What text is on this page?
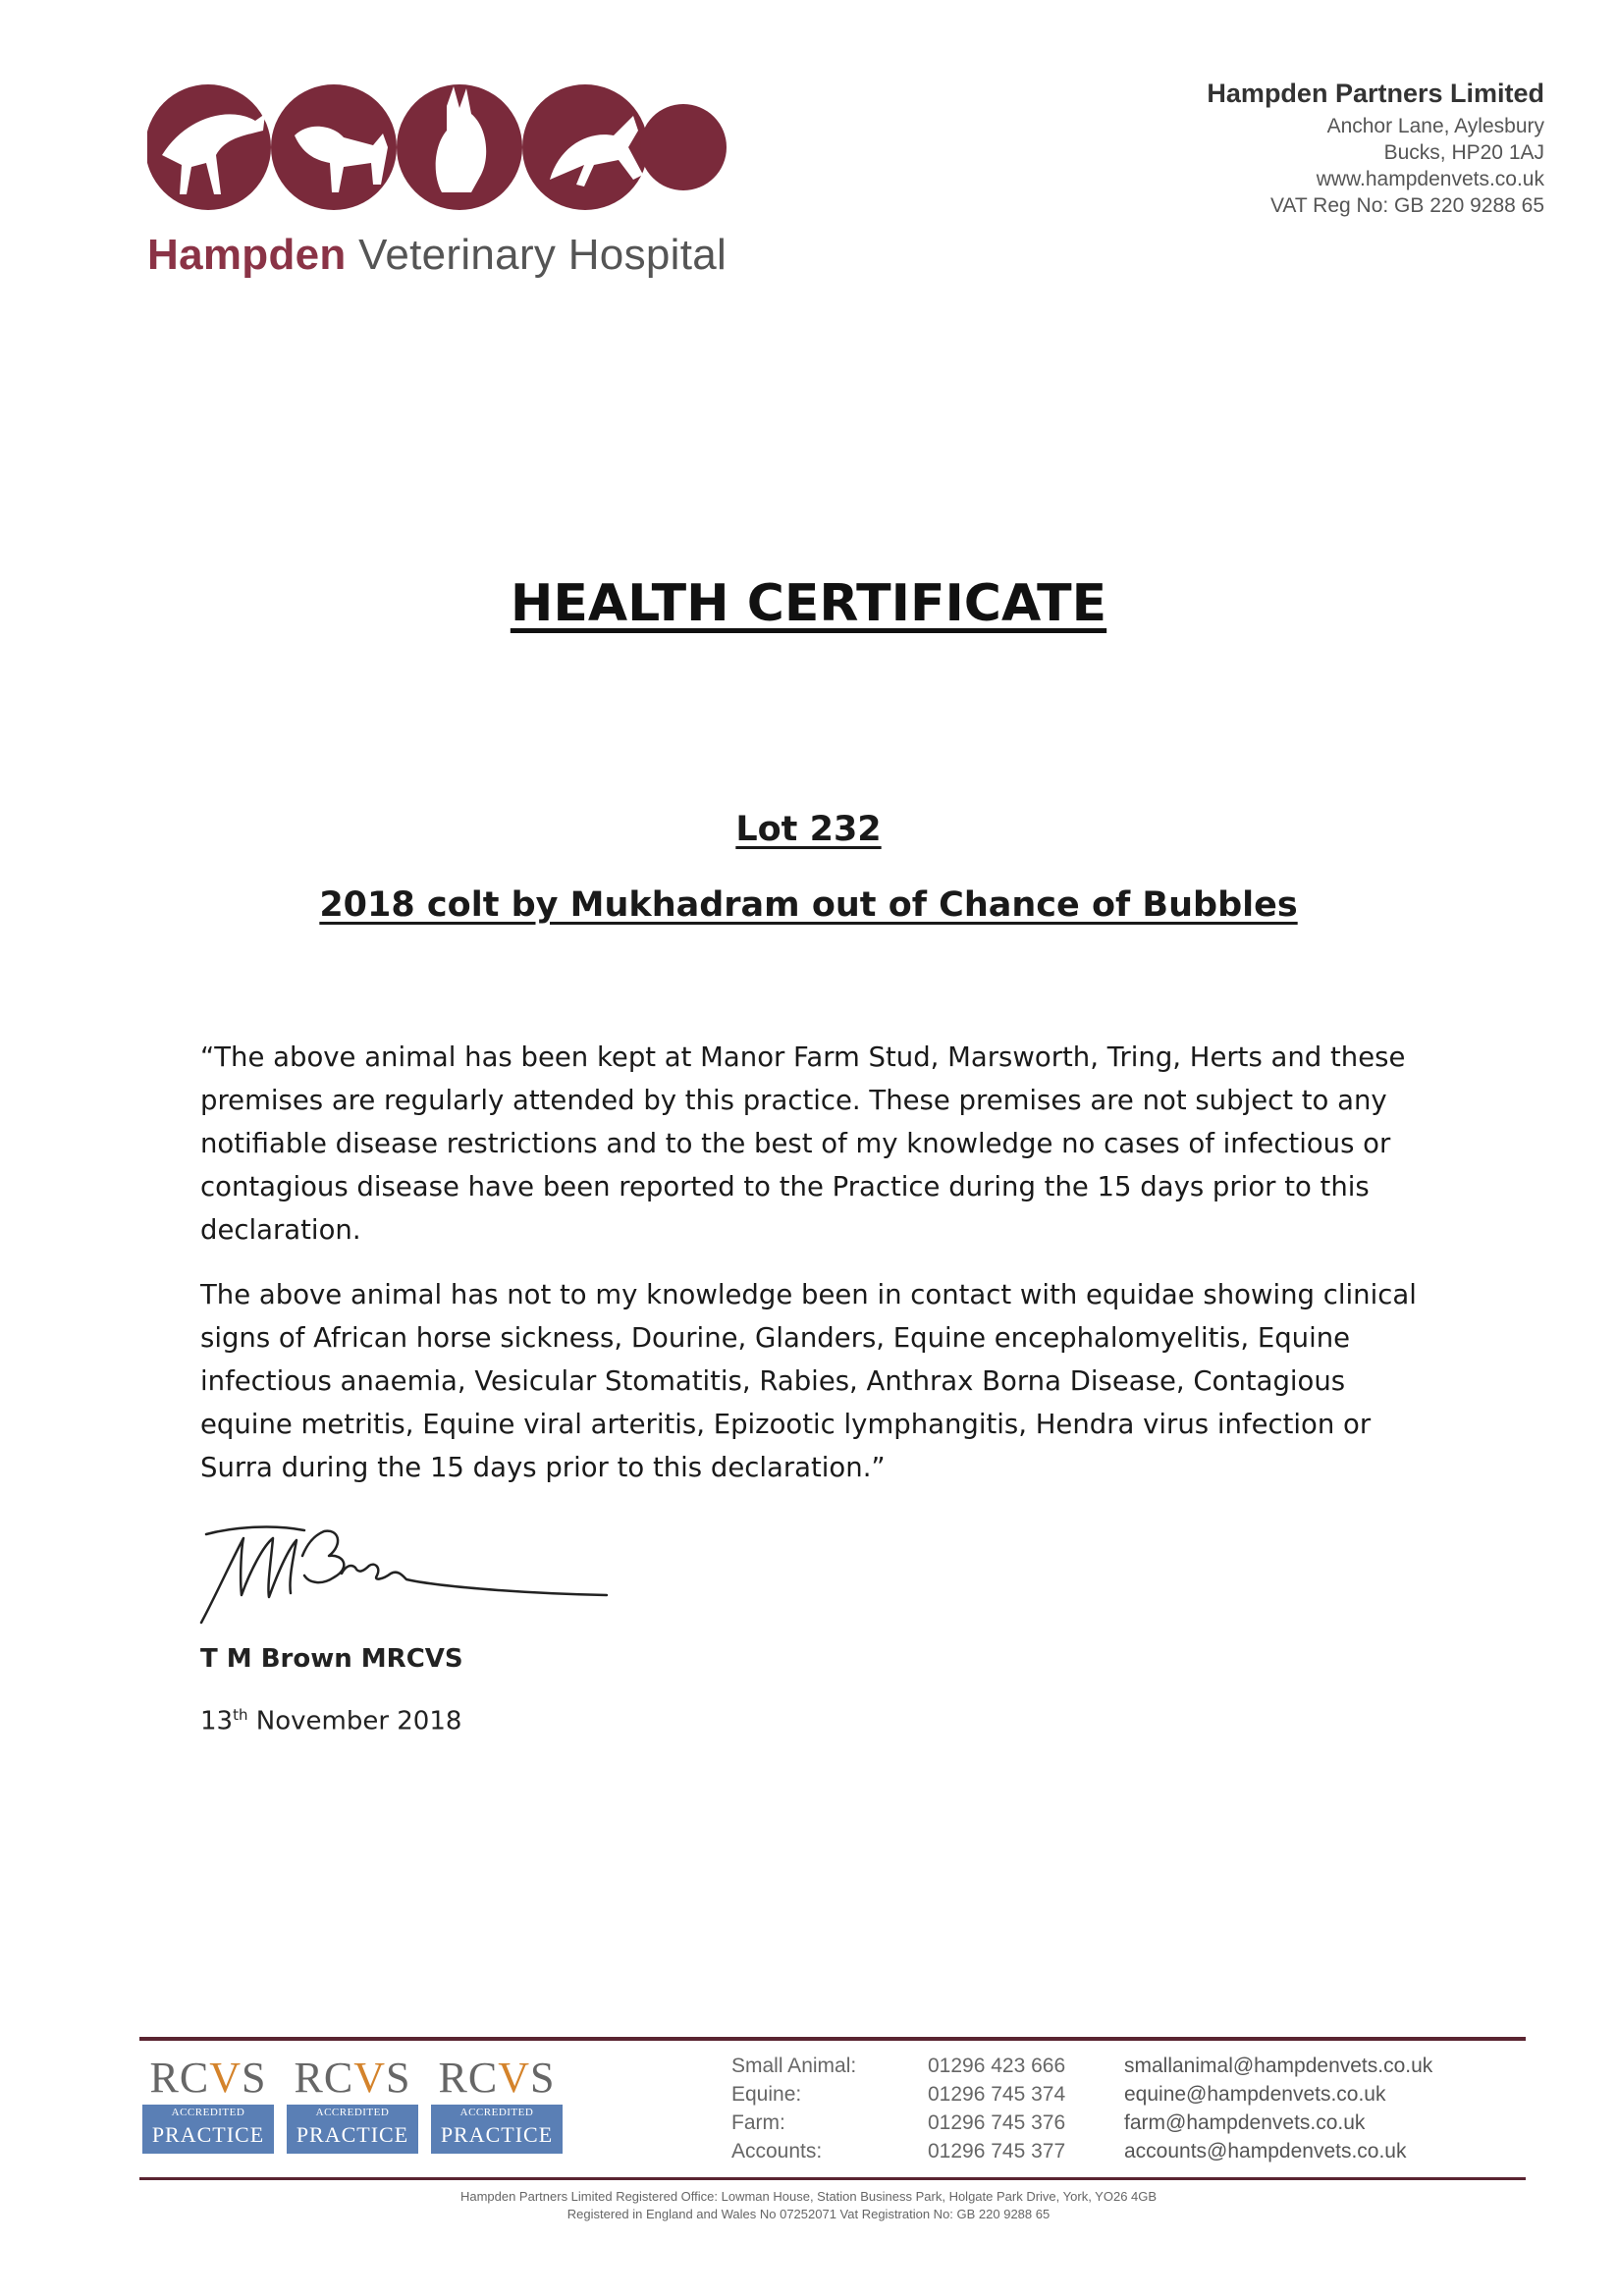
Hampden Veterinary Hospital
Hampden Partners Limited
Anchor Lane, Aylesbury
Bucks, HP20 1AJ
www.hampdenvets.co.uk
VAT Reg No: GB 220 9288 65
HEALTH CERTIFICATE
Lot 232
2018 colt by Mukhadram out of Chance of Bubbles
“The above animal has been kept at Manor Farm Stud, Marsworth, Tring, Herts and these premises are regularly attended by this practice. These premises are not subject to any notifiable disease restrictions and to the best of my knowledge no cases of infectious or contagious disease have been reported to the Practice during the 15 days prior to this declaration.
The above animal has not to my knowledge been in contact with equidae showing clinical signs of African horse sickness, Dourine, Glanders, Equine encephalomyelitis, Equine infectious anaemia, Vesicular Stomatitis, Rabies, Anthrax Borna Disease, Contagious equine metritis, Equine viral arteritis, Epizootic lymphangitis, Hendra virus infection or Surra during the 15 days prior to this declaration.”
T M Brown MRCVS
13th November 2018
RCVS
ACCREDITED
PRACTICE
RCVS
ACCREDITED
PRACTICE
RCVS
ACCREDITED
PRACTICE
Small Animal:	01296 423 666	smallanimal@hampdenvets.co.uk
Equine:	01296 745 374	equine@hampdenvets.co.uk
Farm:	01296 745 376	farm@hampdenvets.co.uk
Accounts:	01296 745 377	accounts@hampdenvets.co.uk
Hampden Partners Limited Registered Office: Lowman House, Station Business Park, Holgate Park Drive, York, YO26 4GB
Registered in England and Wales No 07252071 Vat Registration No: GB 220 9288 65
